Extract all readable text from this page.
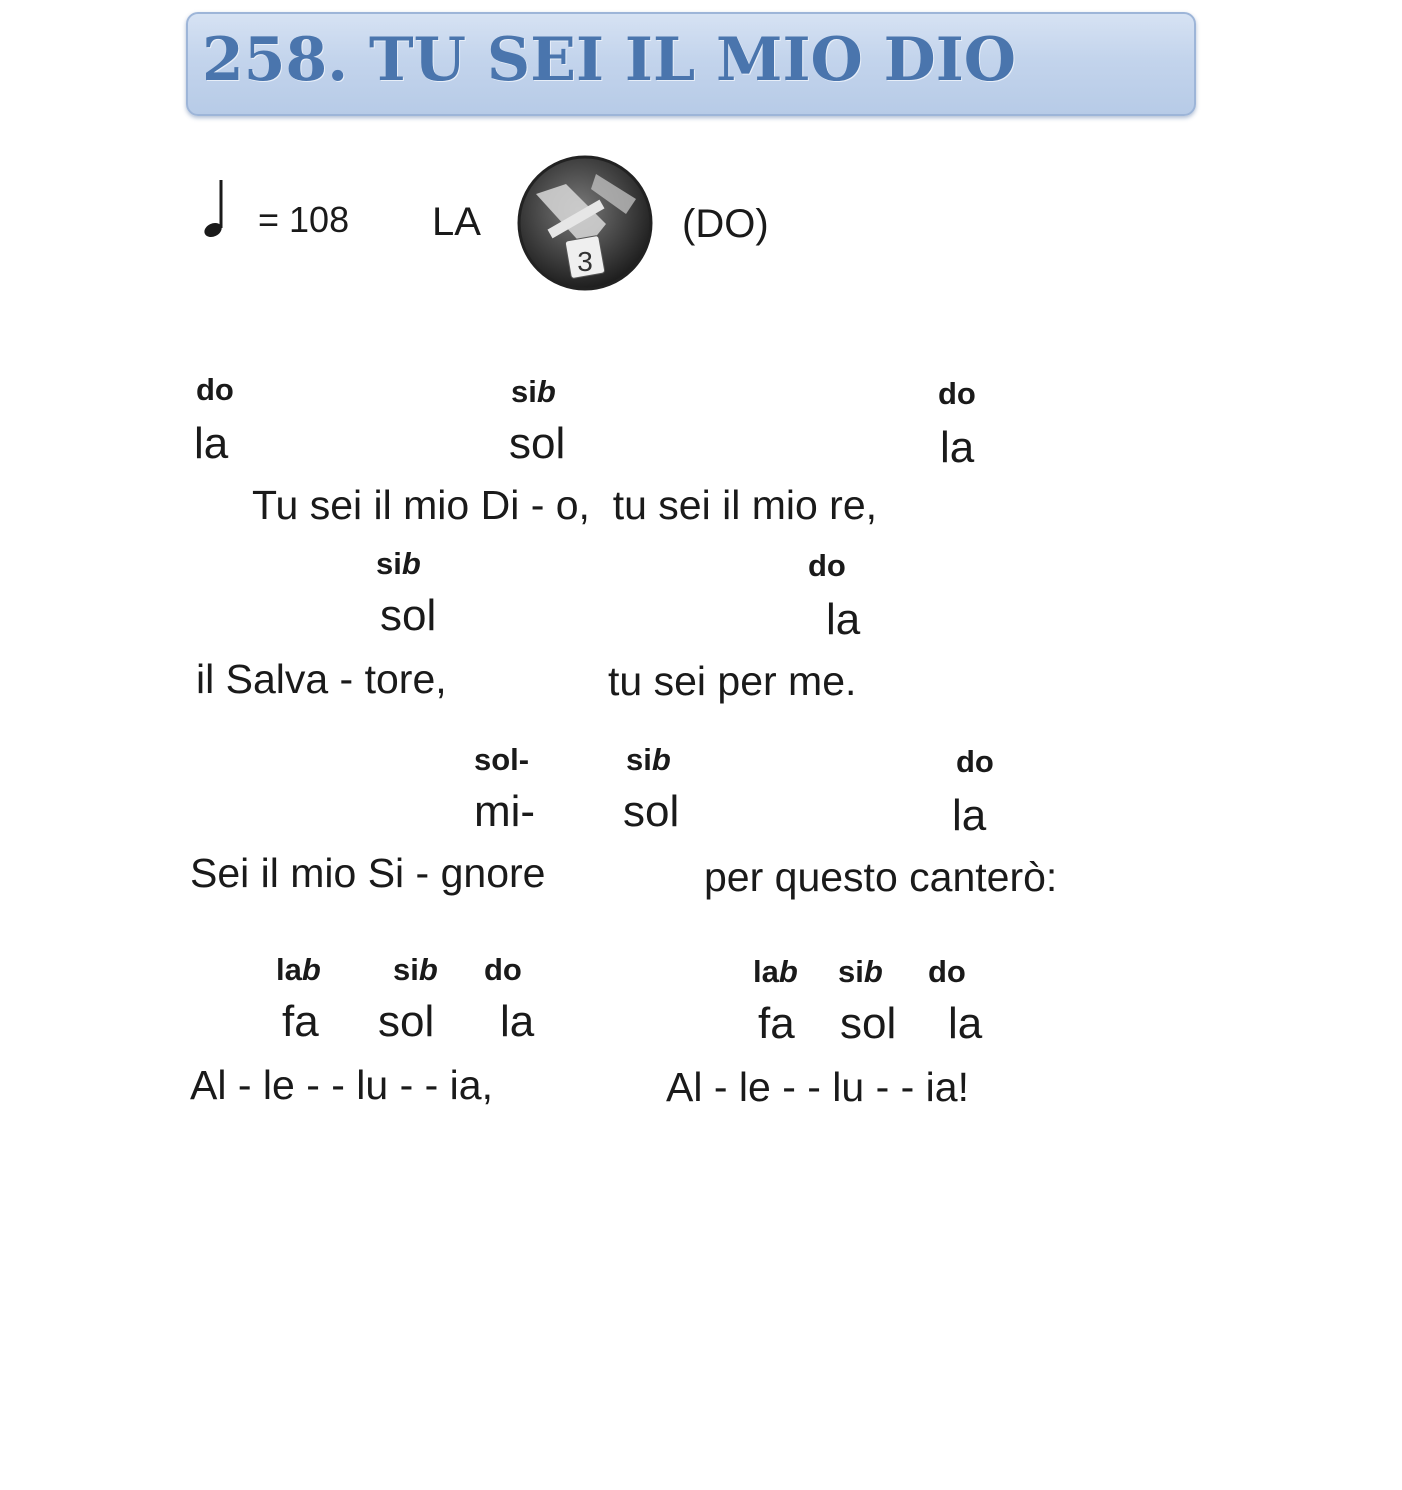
258. TU SEI IL MIO DIO
= 108 LA
3
(DO)
do	sib	do
la	sol	la
Tu sei il mio Di - o,  tu sei il mio re,
sib	do
sol	la
il Salva - tore,	tu sei per me.
sol-	sib	do
mi- sol	la
Sei il mio Si - gnore	per questo canterò:
lab sib do	lab sib do
fa sol la	fa sol la
Al - le - - lu - - ia,	Al - le - - lu - - ia!
